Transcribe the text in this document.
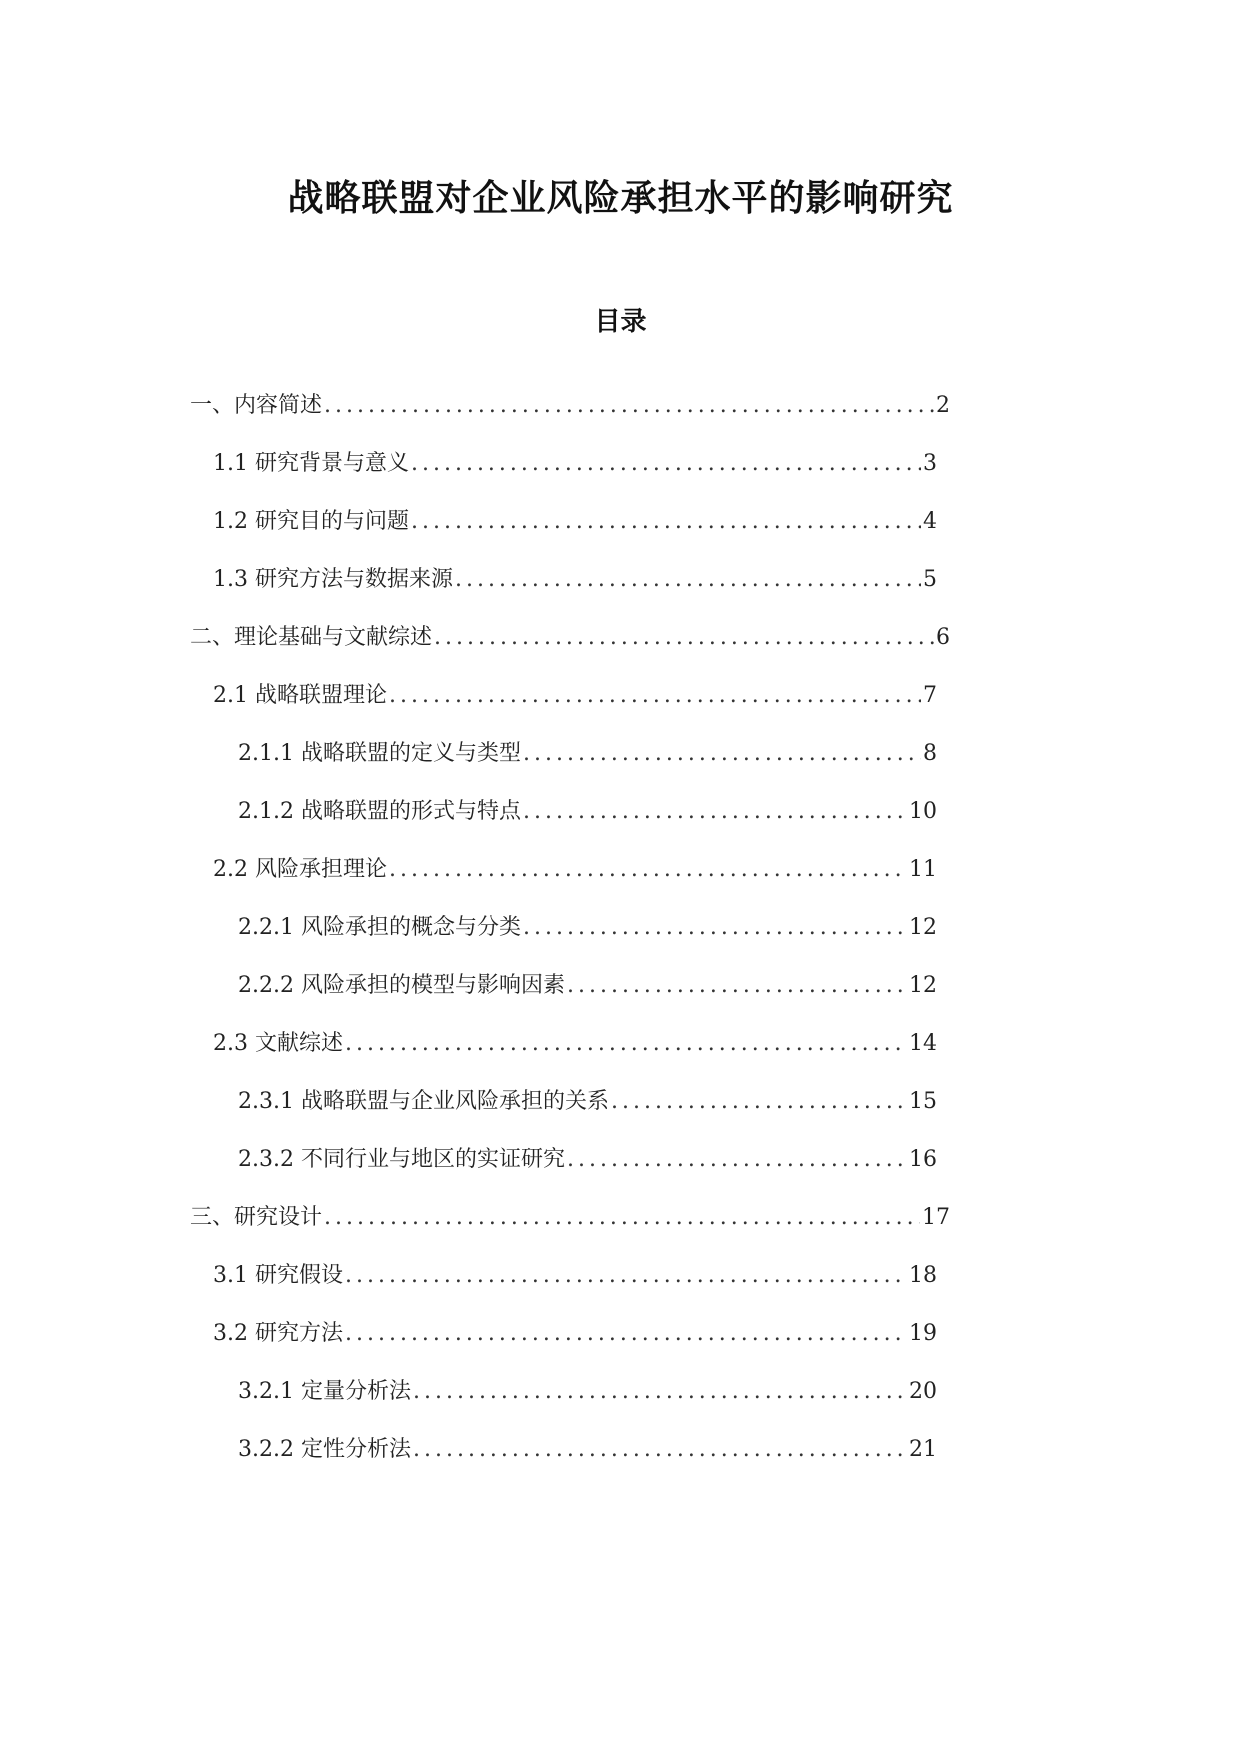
战略联盟对企业风险承担水平的影响研究
目录
一、内容简述 .....	2
1.1 研究背景与意义 .....	3
1.2 研究目的与问题 .....	4
1.3 研究方法与数据来源 .....	5
二、理论基础与文献综述 .....	6
2.1 战略联盟理论 .....	7
2.1.1 战略联盟的定义与类型 .....	8
2.1.2 战略联盟的形式与特点 .....	10
2.2 风险承担理论 .....	11
2.2.1 风险承担的概念与分类 .....	12
2.2.2 风险承担的模型与影响因素 .....	12
2.3 文献综述 .....	14
2.3.1 战略联盟与企业风险承担的关系 .....	15
2.3.2 不同行业与地区的实证研究 .....	16
三、研究设计 .....	17
3.1 研究假设 .....	18
3.2 研究方法 .....	19
3.2.1 定量分析法 .....	20
3.2.2 定性分析法 .....	21
